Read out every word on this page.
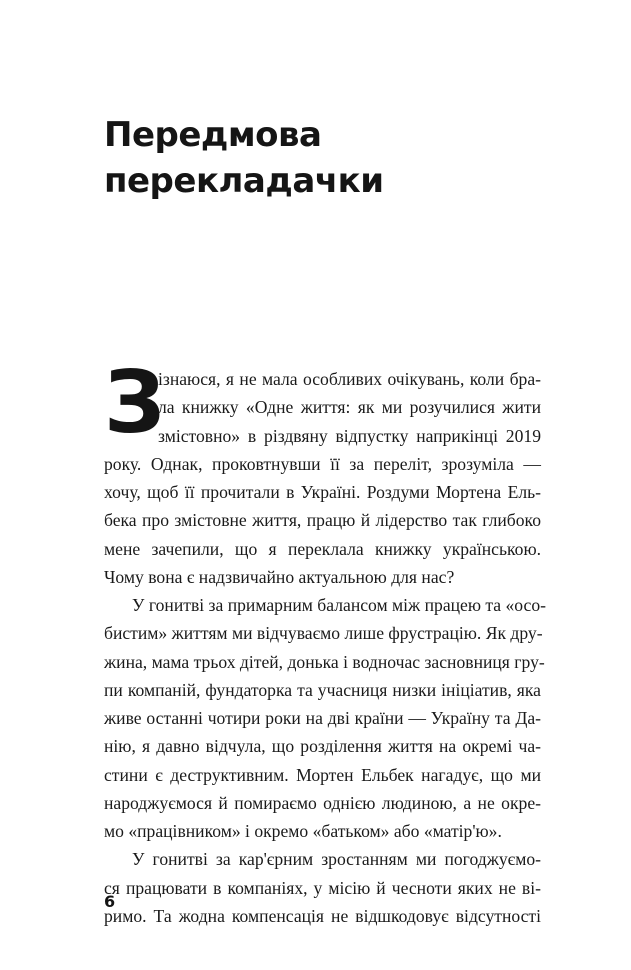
Передмова
перекладачки
З
ізнаюся, я не мала особливих очікувань, коли бра-
ла книжку «Одне життя: як ми розучилися жити
змістовно» в різдвяну відпустку наприкінці 2019
року. Однак, проковтнувши її за переліт, зрозуміла —
хочу, щоб її прочитали в Україні. Роздуми Мортена Ель-
бека про змістовне життя, працю й лідерство так глибоко
мене зачепили, що я переклала книжку українською.
Чому вона є надзвичайно актуальною для нас?
У гонитві за примарним балансом між працею та «осо-
бистим» життям ми відчуваємо лише фрустрацію. Як дру-
жина, мама трьох дітей, донька і водночас засновниця гру-
пи компаній, фундаторка та учасниця низки ініціатив, яка
живе останні чотири роки на дві країни — Україну та Да-
нію, я давно відчула, що розділення життя на окремі ча-
стини є деструктивним. Мортен Ельбек нагадує, що ми
народжуємося й помираємо однією людиною, а не окре-
мо «працівником» і окремо «батьком» або «матір'ю».
У гонитві за кар'єрним зростанням ми погоджуємо-
ся працювати в компаніях, у місію й чесноти яких не ві-
римо. Та жодна компенсація не відшкодовує відсутності
6
